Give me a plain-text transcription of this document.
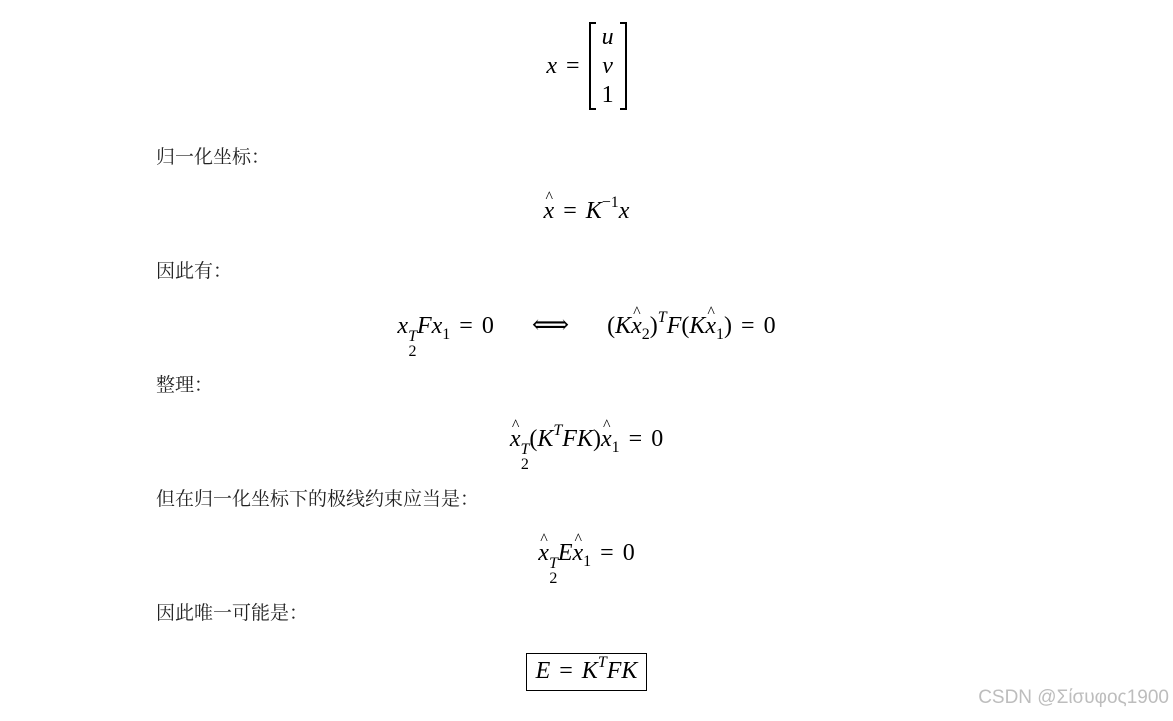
x =
u
v
1
归一化坐标：
^ $x = K^{-1}x$
因此有：
x T
2
$Fx_1 = 0$ ⟺ (K^ $x_2)^TF(K\^{}$ $x_1) = 0$
整理：
^ x T
2
$(K^TFK)\^{}$ $x_1 = 0$
但在归一化坐标下的极线约束应当是：
^ x T
2
E^ $x_1 = 0$
因此唯一可能是：
$E = K^TFK$
CSDN @Σίσυφος1900
